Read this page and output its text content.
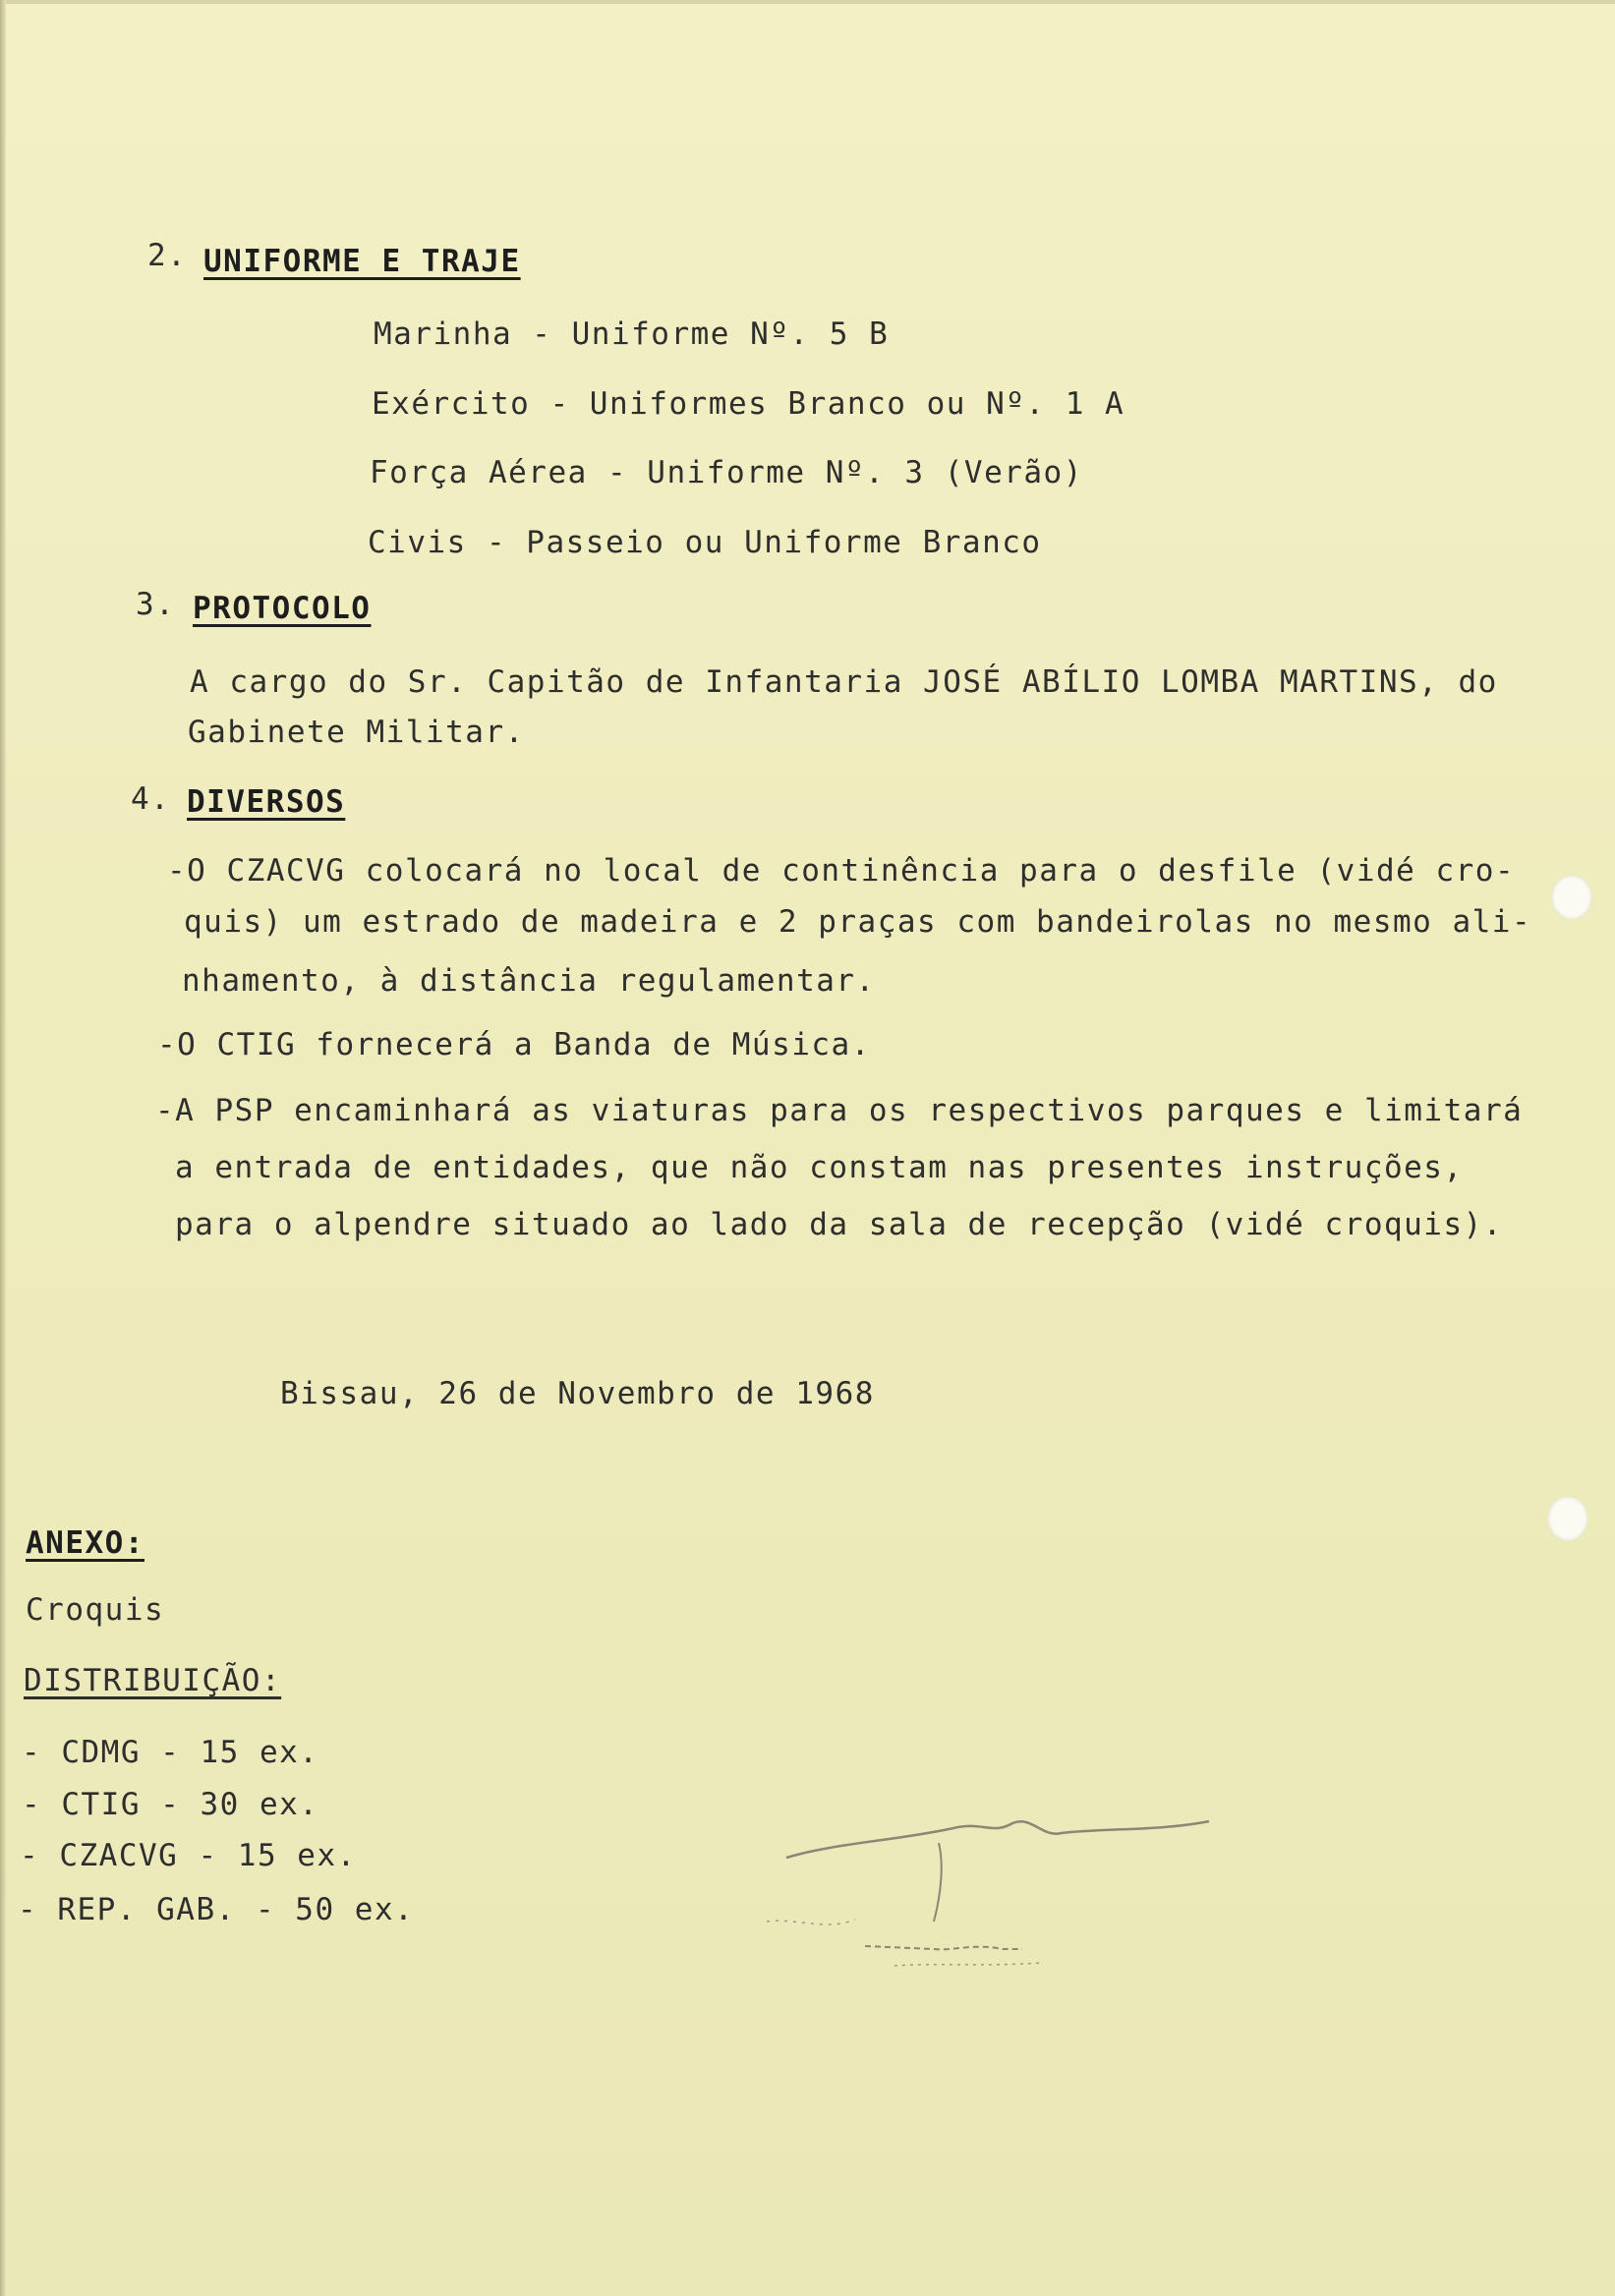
2. UNIFORME E TRAJE
Marinha - Uniforme Nº. 5 B
Exército - Uniformes Branco ou Nº. 1 A
Força Aérea - Uniforme Nº. 3 (Verão)
Civis - Passeio ou Uniforme Branco
3. PROTOCOLO
A cargo do Sr. Capitão de Infantaria JOSÉ ABÍLIO LOMBA MARTINS, do
Gabinete Militar.
4. DIVERSOS
-O CZACVG colocará no local de continência para o desfile (vidé cro-
quis) um estrado de madeira e 2 praças com bandeirolas no mesmo ali-
nhamento, à distância regulamentar.
-O CTIG fornecerá a Banda de Música.
-A PSP encaminhará as viaturas para os respectivos parques e limitará
a entrada de entidades, que não constam nas presentes instruções,
para o alpendre situado ao lado da sala de recepção (vidé croquis).
Bissau, 26 de Novembro de 1968
ANEXO:
Croquis
DISTRIBUIÇÃO:
- CDMG - 15 ex.
- CTIG - 30 ex.
- CZACVG - 15 ex.
- REP. GAB. - 50 ex.
